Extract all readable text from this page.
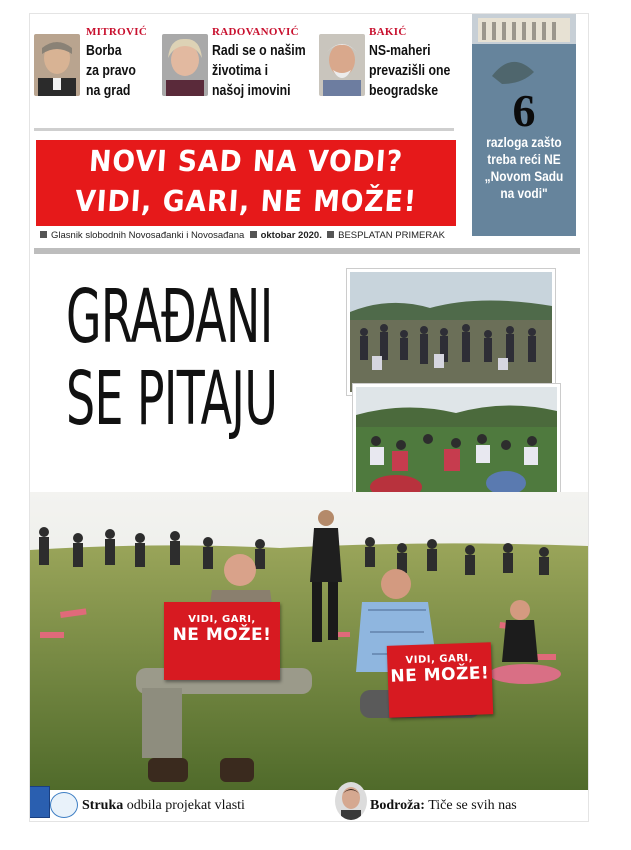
MITROVIĆ
Borba
za pravo
na grad
RADOVANOVIĆ
Radi se o našim
životima i
našoj imovini
BAKIĆ
NS-maheri
prevazišli one
beogradske
NOVI SAD NA VODI?
VIDI, GARI, NE MOŽE!
Glasnik slobodnih Novosađanki i Novosađana oktobar 2020. BESPLATAN PRIMERAK
6
razloga zašto
treba reći NE
„Novom Sadu
na vodi"
GRAĐANI
SE PITAJU

VIDI, GARI,
NE MOŽE!
VIDI, GARI,
NE MOŽE!
Struka odbila projekat vlasti	Bodroža: Tiče se svih nas
